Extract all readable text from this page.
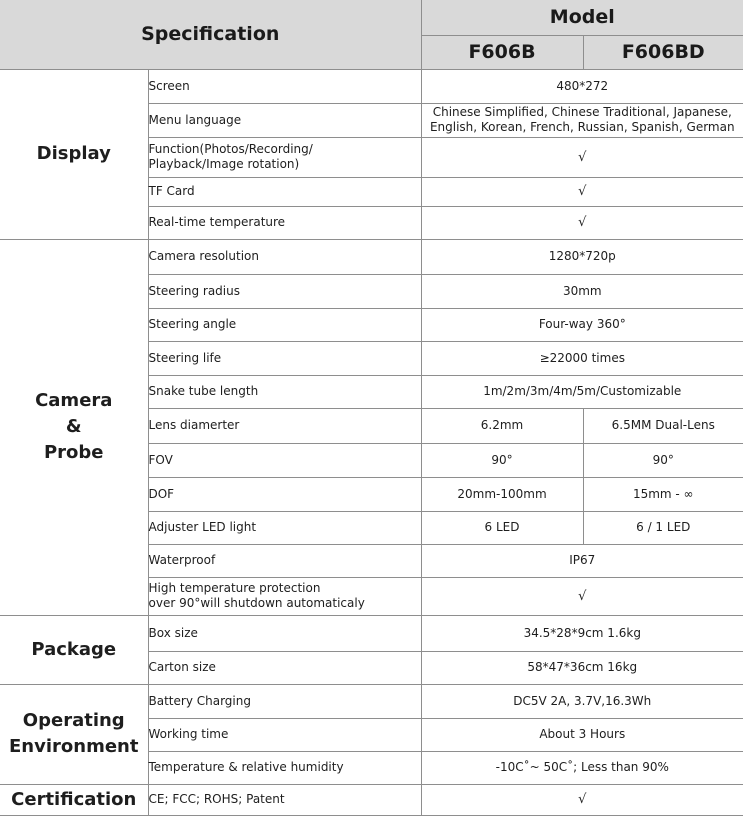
Specification		Model	
		F606B	F606BD
Display	Screen	480*272	
	Menu language	Chinese Simplified, Chinese Traditional, Japanese,
English, Korean, French, Russian, Spanish, German	

	Function(Photos/Recording/
Playback/Image rotation)	√	
	TF Card	√	
	Real-time temperature	√	

Camera
&
Probe	Camera resolution	1280*720p	
	Steering radius	30mm	
	Steering angle	Four-way 360°	
	Steering life	≥22000 times	
	Snake tube length	1m/2m/3m/4m/5m/Customizable	
	Lens diamerter	6.2mm	6.5MM Dual-Lens
	FOV	90°	90°
	DOF	20mm-100mm	15mm - ∞
	Adjuster LED light	6 LED	6 / 1 LED
	Waterproof	IP67	

	High temperature protection
over 90°will shutdown automaticaly	√	
Package	Box size	34.5*28*9cm 1.6kg	
	Carton size	58*47*36cm 16kg	

Operating
Environment	Battery Charging	DC5V 2A, 3.7V,16.3Wh	
	Working time	About 3 Hours	
	Temperature & relative humidity	-10C˚~ 50C˚; Less than 90%	
Certification	CE; FCC; ROHS; Patent	√	
